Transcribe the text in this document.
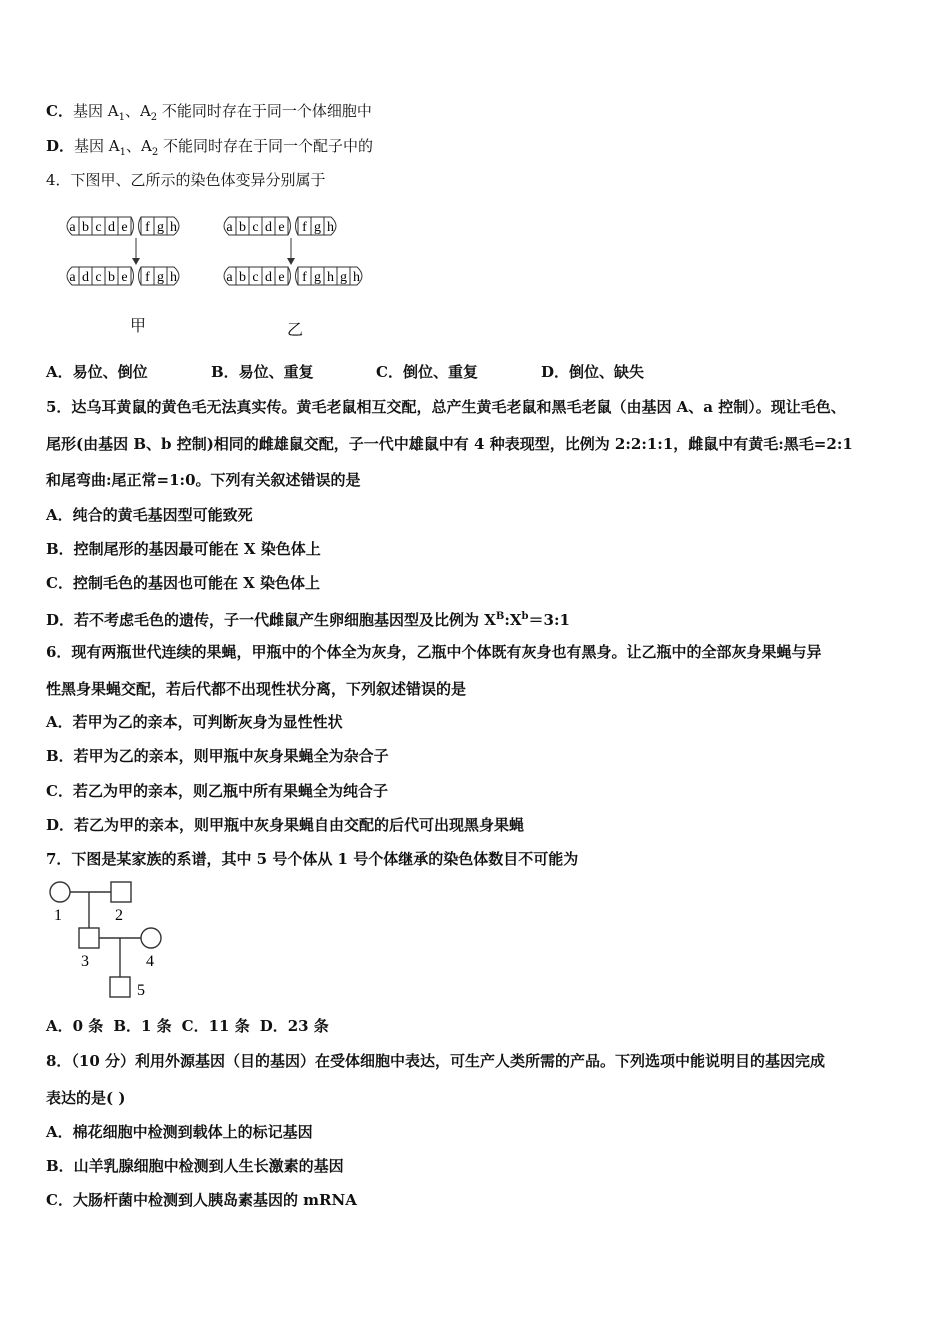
C．基因 $A_1$、$A_2$ 不能同时存在于同一个体细胞中
D．基因 $A_1$、$A_2$ 不能同时存在于同一个配子中的
4．下图甲、乙所示的染色体变异分别属于
a b c d e f g h
a d c b e f g h
a b c d e f g h
a b c d e f g h g h
甲	乙
A．易位、倒位	B．易位、重复	C．倒位、重复	D．倒位、缺失
5．达乌耳黄鼠的黄色毛无法真实传。黄毛老鼠相互交配，总产生黄毛老鼠和黑毛老鼠（由基因 A、a 控制）。现让毛色、
尾形(由基因 B、b 控制)相同的雌雄鼠交配，子一代中雄鼠中有 4 种表现型，比例为 2:2:1:1，雌鼠中有黄毛:黑毛=2:1
和尾弯曲:尾正常=1:0。下列有关叙述错误的是
A．纯合的黄毛基因型可能致死
B．控制尾形的基因最可能在 X 染色体上
C．控制毛色的基因也可能在 X 染色体上
D．若不考虑毛色的遗传，子一代雌鼠产生卵细胞基因型及比例为 $X^B:X^b=3:1$
6．现有两瓶世代连续的果蝇，甲瓶中的个体全为灰身，乙瓶中个体既有灰身也有黑身。让乙瓶中的全部灰身果蝇与异
性黑身果蝇交配，若后代都不出现性状分离，下列叙述错误的是
A．若甲为乙的亲本，可判断灰身为显性性状
B．若甲为乙的亲本，则甲瓶中灰身果蝇全为杂合子
C．若乙为甲的亲本，则乙瓶中所有果蝇全为纯合子
D．若乙为甲的亲本，则甲瓶中灰身果蝇自由交配的后代可出现黑身果蝇
7．下图是某家族的系谱，其中 5 号个体从 1 号个体继承的染色体数目不可能为
1	2
3	4
5
A．0 条 B．1 条 C．11 条 D．23 条
8．（10 分）利用外源基因（目的基因）在受体细胞中表达，可生产人类所需的产品。下列选项中能说明目的基因完成
表达的是( )
A．棉花细胞中检测到载体上的标记基因
B．山羊乳腺细胞中检测到人生长激素的基因
C．大肠杆菌中检测到人胰岛素基因的 mRNA
